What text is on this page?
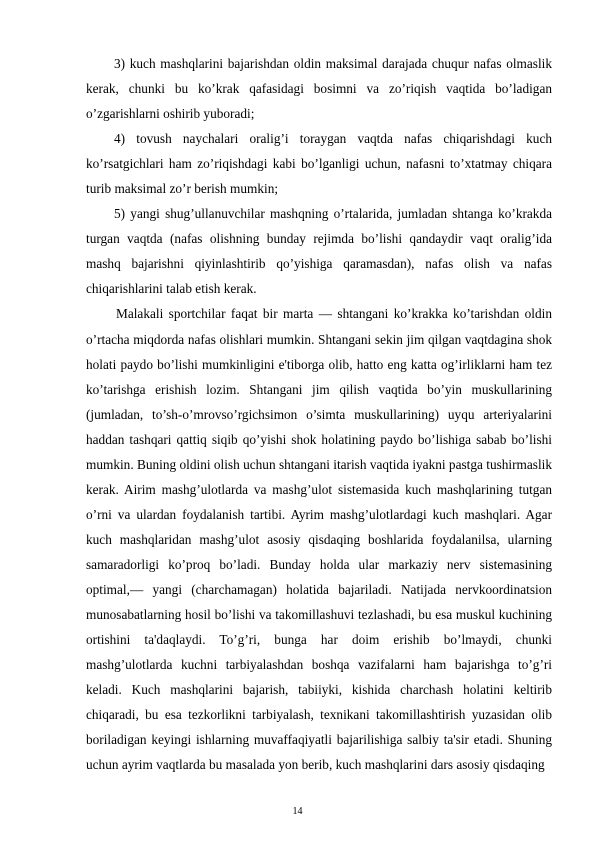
3) kuch mashqlarini bajarishdan oldin maksimal darajada chuqur nafas olmaslik kerak, chunki bu ko’krak qafasidagi bosimni va zo’riqish vaqtida bo’ladigan o’zgarishlarni oshirib yuboradi;

4) tovush naychalari oralig’i toraygan vaqtda nafas chiqarishdagi kuch ko’rsatgichlari ham zo’riqishdagi kabi bo’lganligi uchun, nafasni to’xtatmay chiqara turib maksimal zo’r berish mumkin;

5) yangi shug’ullanuvchilar mashqning o’rtalarida, jumladan shtanga ko’krakda turgan vaqtda (nafas olishning bunday rejimda bo’lishi qandaydir vaqt oralig’ida mashq bajarishni qiyinlashtirib qo’yishiga qaramasdan), nafas olish va nafas chiqarishlarini talab etish kerak.

Malakali sportchilar faqat bir marta — shtangani ko’krakka ko’tarishdan oldin o’rtacha miqdorda nafas olishlari mumkin. Shtangani sekin jim qilgan vaqtdagina shok holati paydo bo’lishi mumkinligini e'tiborga olib, hatto eng katta og’irliklarni ham tez ko’tarishga erishish lozim. Shtangani jim qilish vaqtida bo’yin muskullarining (jumladan, to’sh-o’mrovso’rgichsimon o’simta muskullarining) uyqu arteriyalarini haddan tashqari qattiq siqib qo’yishi shok holatining paydo bo’lishiga sabab bo’lishi mumkin. Buning oldini olish uchun shtangani itarish vaqtida iyakni pastga tushirmaslik kerak. Airim mashg’ulotlarda va mashg’ulot sistemasida kuch mashqlarining tutgan o’rni va ulardan foydalanish tartibi. Ayrim mashg’ulotlardagi kuch mashqlari. Agar kuch mashqlaridan mashg’ulot asosiy qisdaqing boshlarida foydalanilsa, ularning samaradorligi ko’proq bo’ladi. Bunday holda ular markaziy nerv sistemasining optimal,— yangi (charchamagan) holatida bajariladi. Natijada nervkoordinatsion munosabatlarning hosil bo’lishi va takomillashuvi tezlashadi, bu esa muskul kuchining ortishini ta'daqlaydi. To’g’ri, bunga har doim erishib bo’lmaydi, chunki mashg’ulotlarda kuchni tarbiyalashdan boshqa vazifalarni ham bajarishga to’g’ri keladi. Kuch mashqlarini bajarish, tabiiyki, kishida charchash holatini keltirib chiqaradi, bu esa tezkorlikni tarbiyalash, texnikani takomillashtirish yuzasidan olib boriladigan keyingi ishlarning muvaffaqiyatli bajarilishiga salbiy ta'sir etadi. Shuning uchun ayrim vaqtlarda bu masalada yon berib, kuch mashqlarini dars asosiy qisdaqing

14
